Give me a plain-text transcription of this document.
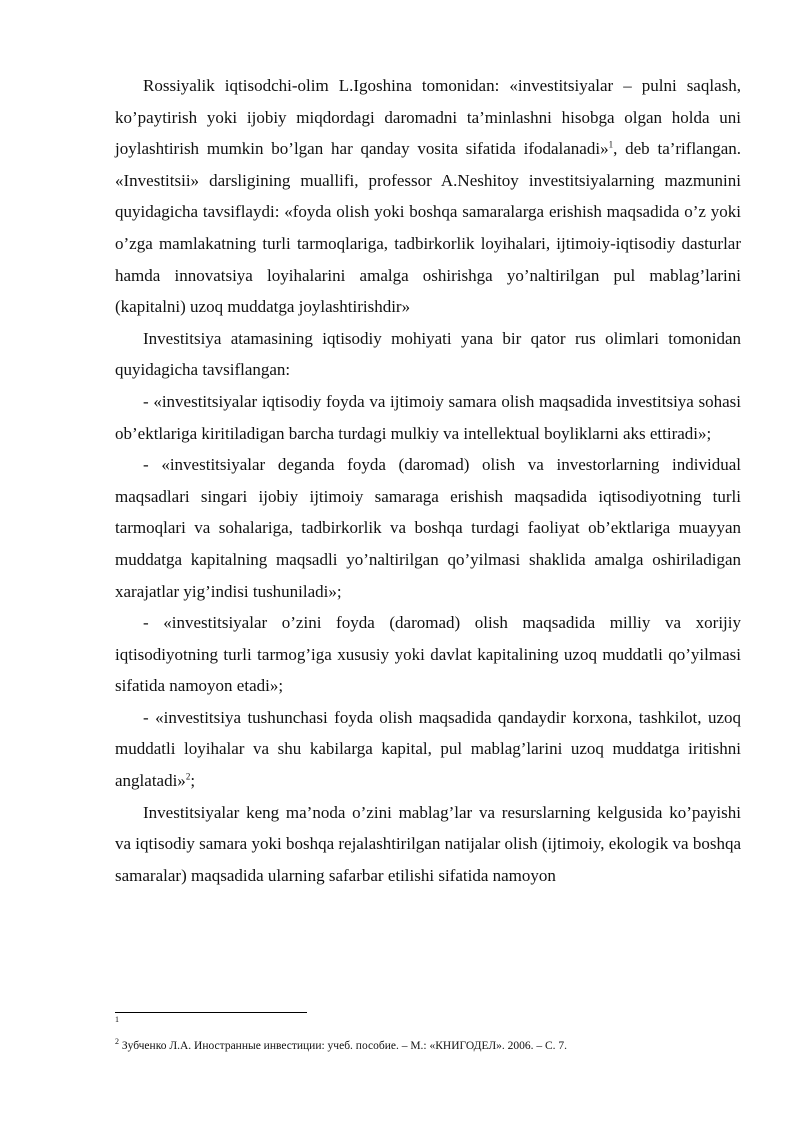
Rossiyalik iqtisodchi-olim L.Igoshina tomonidan: «investitsiyalar – pulni saqlash, ko’paytirish yoki ijobiy miqdordagi daromadni ta’minlashni hisobga olgan holda uni joylashtirish mumkin bo’lgan har qanday vosita sifatida ifodalanadi»$^1$, deb ta’riflangan. «Investitsii» darsligining muallifi, professor A.Neshitoy investitsiyalarning mazmunini quyidagicha tavsiflaydi: «foyda olish yoki boshqa samaralarga erishish maqsadida o’z yoki o’zga mamlakatning turli tarmoqlariga, tadbirkorlik loyihalari, ijtimoiy-iqtisodiy dasturlar hamda innovatsiya loyihalarini amalga oshirishga yo’naltirilgan pul mablag’larini (kapitalni) uzoq muddatga joylashtirishdir»

Investitsiya atamasining iqtisodiy mohiyati yana bir qator rus olimlari tomonidan quyidagicha tavsiflangan:

- «investitsiyalar iqtisodiy foyda va ijtimoiy samara olish maqsadida investitsiya sohasi ob’ektlariga kiritiladigan barcha turdagi mulkiy va intellektual boyliklarni aks ettiradi»;

- «investitsiyalar deganda foyda (daromad) olish va investorlarning individual maqsadlari singari ijobiy ijtimoiy samaraga erishish maqsadida iqtisodiyotning turli tarmoqlari va sohalariga, tadbirkorlik va boshqa turdagi faoliyat ob’ektlariga muayyan muddatga kapitalning maqsadli yo’naltirilgan qo’yilmasi shaklida amalga oshiriladigan xarajatlar yig’indisi tushuniladi»;

- «investitsiyalar o’zini foyda (daromad) olish maqsadida milliy va xorijiy iqtisodiyotning turli tarmog’iga xususiy yoki davlat kapitalining uzoq muddatli qo’yilmasi sifatida namoyon etadi»;

- «investitsiya tushunchasi foyda olish maqsadida qandaydir korxona, tashkilot, uzoq muddatli loyihalar va shu kabilarga kapital, pul mablag’larini uzoq muddatga iritishni anglatadi»$^2$;

Investitsiyalar keng ma’noda o’zini mablag’lar va resurslarning kelgusida ko’payishi va iqtisodiy samara yoki boshqa rejalashtirilgan natijalar olish (ijtimoiy, ekologik va boshqa samaralar) maqsadida ularning safarbar etilishi sifatida namoyon

$^1$
$^2$ Зубченко Л.А. Иностранные инвестиции: учеб. пособие. – М.: «КНИГОДЕЛ». 2006. – С. 7.
